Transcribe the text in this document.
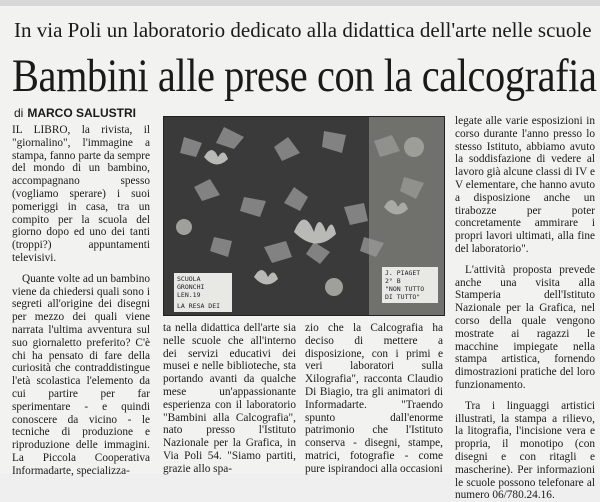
In via Poli un laboratorio dedicato alla didattica dell'arte nelle scuole
Bambini alle prese con la calcografia
di MARCO SALUSTRI

IL LIBRO, la rivista, il "giornalino", l'immagine a stampa, fanno parte da sempre del mondo di un bambino, accompagnano spesso (vogliamo sperare) i suoi pomeriggi in casa, tra un compito per la scuola del giorno dopo ed uno dei tanti (troppi?) appuntamenti televisivi.

Quante volte ad un bambino viene da chiedersi quali sono i segreti all'origine dei disegni per mezzo dei quali viene narrata l'ultima avventura sul suo giornaletto preferito? C'è chi ha pensato di fare della curiosità che contraddistingue l'età scolastica l'elemento da cui partire per far sperimentare - e quindi conoscere da vicino - le tecniche di produzione e riproduzione delle immagini. La Piccola Cooperativa Informadarte, specializza-

SCUOLA GRONCHI
LEN.19
J. PIAGET
2° B
"NON TUTTO
DI TUTTO"
LA RESA DEI

ta nella didattica dell'arte sia nelle scuole che all'interno dei servizi educativi dei musei e nelle biblioteche, sta portando avanti da qualche mese un'appassionante esperienza con il laboratorio "Bambini alla Calcografia", nato presso l'Istituto Nazionale per la Grafica, in Via Poli 54. "Siamo partiti, grazie allo spa-

zio che la Calcografia ha deciso di mettere a disposizione, con i primi e veri laboratori sulla Xilografia", racconta Claudio Di Biagio, tra gli animatori di Informadarte. "Traendo spunto dall'enorme patrimonio che l'Istituto conserva - disegni, stampe, matrici, fotografie - come pure ispirandoci alla occasioni

legate alle varie esposizioni in corso durante l'anno presso lo stesso Istituto, abbiamo avuto la soddisfazione di vedere al lavoro già alcune classi di IV e V elementare, che hanno avuto a disposizione anche un tirabozze per poter concretamente ammirare i propri lavori ultimati, alla fine del laboratorio".

L'attività proposta prevede anche una visita alla Stamperia dell'Istituto Nazionale per la Grafica, nel corso della quale vengono mostrate ai ragazzi le macchine impiegate nella stampa artistica, fornendo dimostrazioni pratiche del loro funzionamento.

Tra i linguaggi artistici illustrati, la stampa a rilievo, la litografia, l'incisione vera e propria, il monotipo (con disegni e con ritagli e mascherine). Per informazioni le scuole possono telefonare al numero 06/780.24.16.
